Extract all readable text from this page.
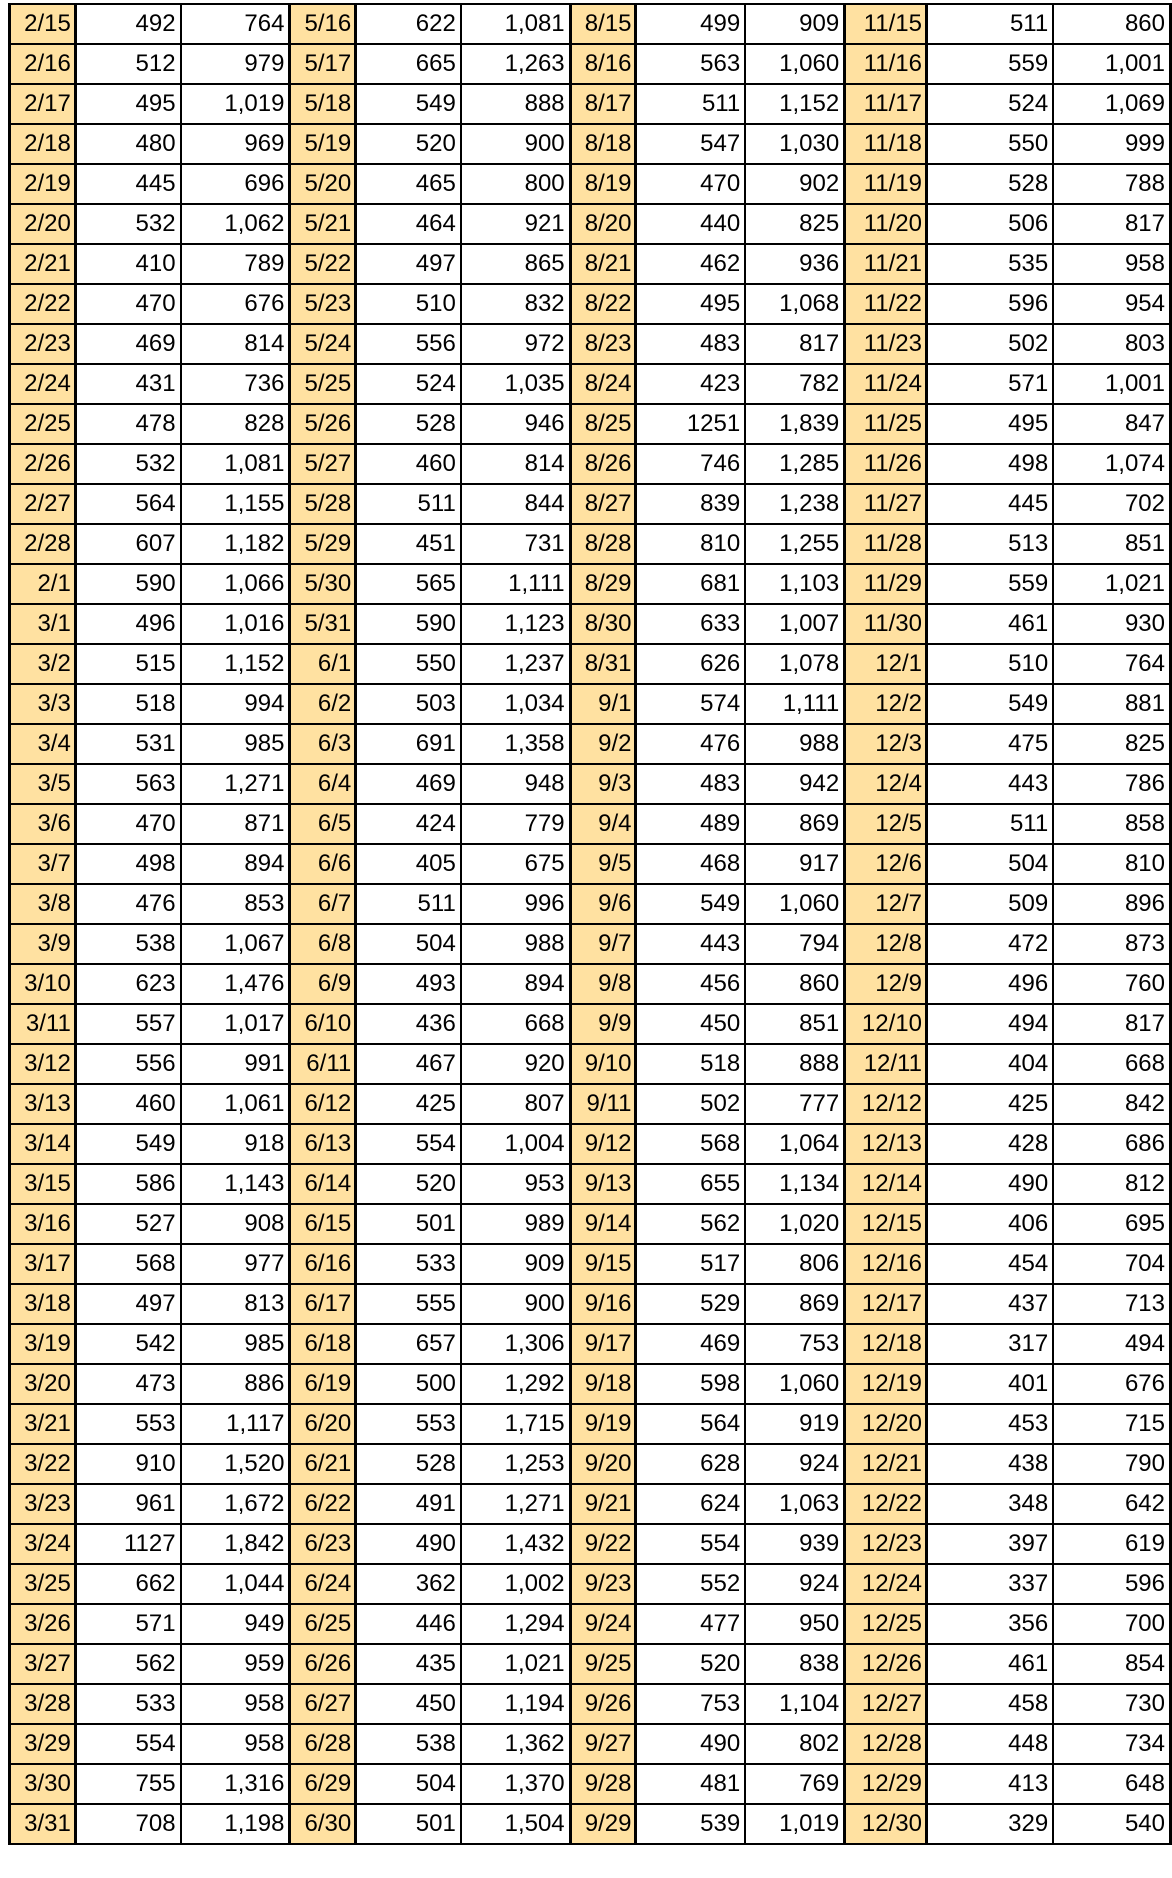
2/15	492	764	5/16	622	1,081	8/15	499	909	11/15	511	860
2/16	512	979	5/17	665	1,263	8/16	563	1,060	11/16	559	1,001
2/17	495	1,019	5/18	549	888	8/17	511	1,152	11/17	524	1,069
2/18	480	969	5/19	520	900	8/18	547	1,030	11/18	550	999
2/19	445	696	5/20	465	800	8/19	470	902	11/19	528	788
2/20	532	1,062	5/21	464	921	8/20	440	825	11/20	506	817
2/21	410	789	5/22	497	865	8/21	462	936	11/21	535	958
2/22	470	676	5/23	510	832	8/22	495	1,068	11/22	596	954
2/23	469	814	5/24	556	972	8/23	483	817	11/23	502	803
2/24	431	736	5/25	524	1,035	8/24	423	782	11/24	571	1,001
2/25	478	828	5/26	528	946	8/25	1251	1,839	11/25	495	847
2/26	532	1,081	5/27	460	814	8/26	746	1,285	11/26	498	1,074
2/27	564	1,155	5/28	511	844	8/27	839	1,238	11/27	445	702
2/28	607	1,182	5/29	451	731	8/28	810	1,255	11/28	513	851
2/1	590	1,066	5/30	565	1,111	8/29	681	1,103	11/29	559	1,021
3/1	496	1,016	5/31	590	1,123	8/30	633	1,007	11/30	461	930
3/2	515	1,152	6/1	550	1,237	8/31	626	1,078	12/1	510	764
3/3	518	994	6/2	503	1,034	9/1	574	1,111	12/2	549	881
3/4	531	985	6/3	691	1,358	9/2	476	988	12/3	475	825
3/5	563	1,271	6/4	469	948	9/3	483	942	12/4	443	786
3/6	470	871	6/5	424	779	9/4	489	869	12/5	511	858
3/7	498	894	6/6	405	675	9/5	468	917	12/6	504	810
3/8	476	853	6/7	511	996	9/6	549	1,060	12/7	509	896
3/9	538	1,067	6/8	504	988	9/7	443	794	12/8	472	873
3/10	623	1,476	6/9	493	894	9/8	456	860	12/9	496	760
3/11	557	1,017	6/10	436	668	9/9	450	851	12/10	494	817
3/12	556	991	6/11	467	920	9/10	518	888	12/11	404	668
3/13	460	1,061	6/12	425	807	9/11	502	777	12/12	425	842
3/14	549	918	6/13	554	1,004	9/12	568	1,064	12/13	428	686
3/15	586	1,143	6/14	520	953	9/13	655	1,134	12/14	490	812
3/16	527	908	6/15	501	989	9/14	562	1,020	12/15	406	695
3/17	568	977	6/16	533	909	9/15	517	806	12/16	454	704
3/18	497	813	6/17	555	900	9/16	529	869	12/17	437	713
3/19	542	985	6/18	657	1,306	9/17	469	753	12/18	317	494
3/20	473	886	6/19	500	1,292	9/18	598	1,060	12/19	401	676
3/21	553	1,117	6/20	553	1,715	9/19	564	919	12/20	453	715
3/22	910	1,520	6/21	528	1,253	9/20	628	924	12/21	438	790
3/23	961	1,672	6/22	491	1,271	9/21	624	1,063	12/22	348	642
3/24	1127	1,842	6/23	490	1,432	9/22	554	939	12/23	397	619
3/25	662	1,044	6/24	362	1,002	9/23	552	924	12/24	337	596
3/26	571	949	6/25	446	1,294	9/24	477	950	12/25	356	700
3/27	562	959	6/26	435	1,021	9/25	520	838	12/26	461	854
3/28	533	958	6/27	450	1,194	9/26	753	1,104	12/27	458	730
3/29	554	958	6/28	538	1,362	9/27	490	802	12/28	448	734
3/30	755	1,316	6/29	504	1,370	9/28	481	769	12/29	413	648
3/31	708	1,198	6/30	501	1,504	9/29	539	1,019	12/30	329	540
